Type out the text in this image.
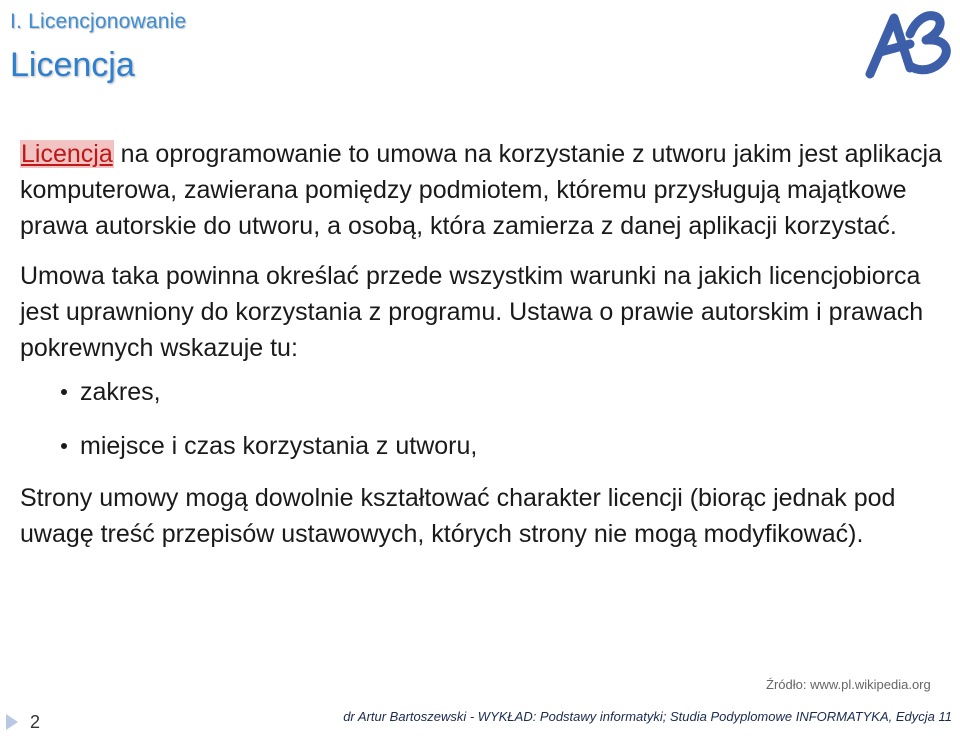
I. Licencjonowanie
Licencja

Licencja na oprogramowanie to umowa na korzystanie z utworu jakim jest aplikacja komputerowa, zawierana pomiędzy podmiotem, któremu przysługują majątkowe prawa autorskie do utworu, a osobą, która zamierza z danej aplikacji korzystać.

Umowa taka powinna określać przede wszystkim warunki na jakich licencjobiorca jest uprawniony do korzystania z programu. Ustawa o prawie autorskim i prawach pokrewnych wskazuje tu:

zakres,
miejsce i czas korzystania z utworu,

Strony umowy mogą dowolnie kształtować charakter licencji (biorąc jednak pod uwagę treść przepisów ustawowych, których strony nie mogą modyfikować).

Źródło: www.pl.wikipedia.org
2	dr Artur Bartoszewski - WYKŁAD: Podstawy informatyki; Studia Podyplomowe INFORMATYKA, Edycja 11
